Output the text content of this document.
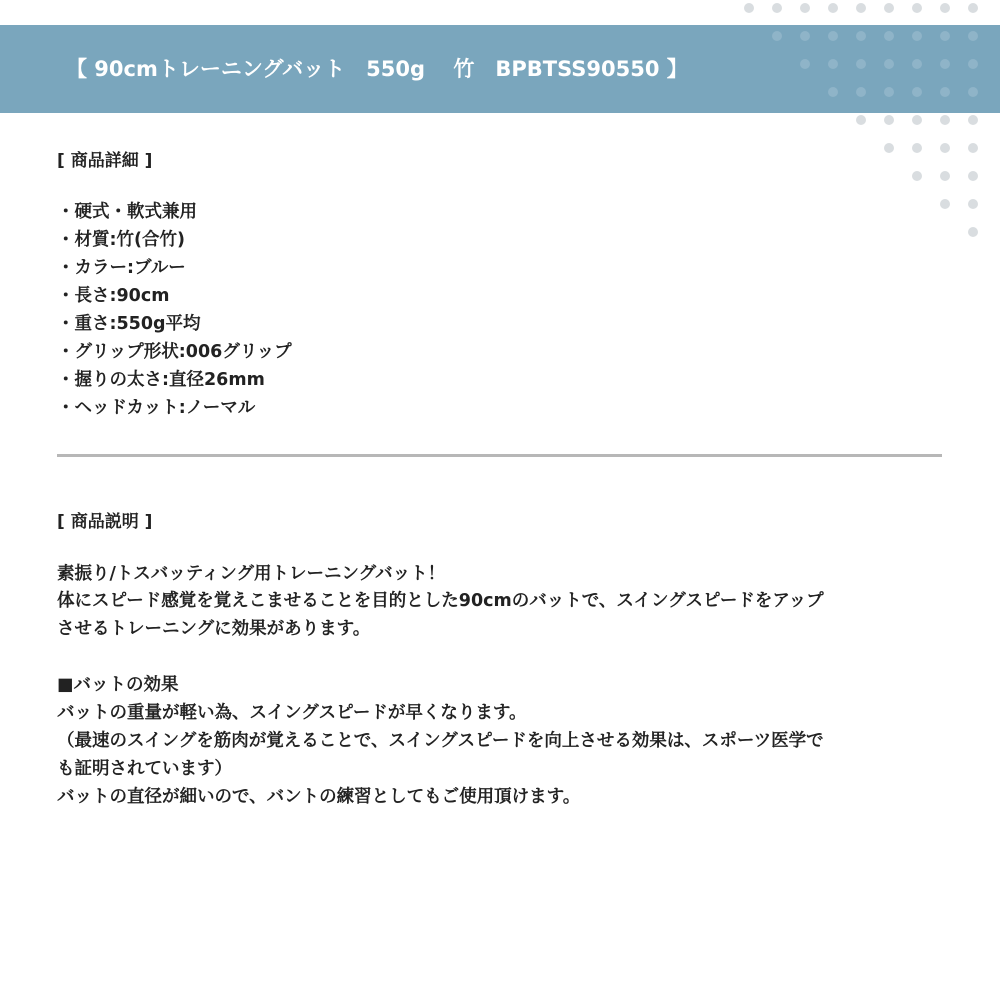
【 90cmトレーニングバット　550g　 竹　BPBTSS90550 】
[ 商品詳細 ]
・硬式・軟式兼用
・材質:竹(合竹)
・カラー:ブルー
・長さ:90cm
・重さ:550g平均
・グリップ形状:006グリップ
・握りの太さ:直径26mm
・ヘッドカット:ノーマル
[ 商品説明 ]
素振り/トスバッティング用トレーニングバット！
体にスピード感覚を覚えこませることを目的とした90cmのバットで、スイングスピードをアップ
させるトレーニングに効果があります。
■バットの効果
バットの重量が軽い為、スイングスピードが早くなります。
（最速のスイングを筋肉が覚えることで、スイングスピードを向上させる効果は、スポーツ医学で
も証明されています）
バットの直径が細いので、バントの練習としてもご使用頂けます。
